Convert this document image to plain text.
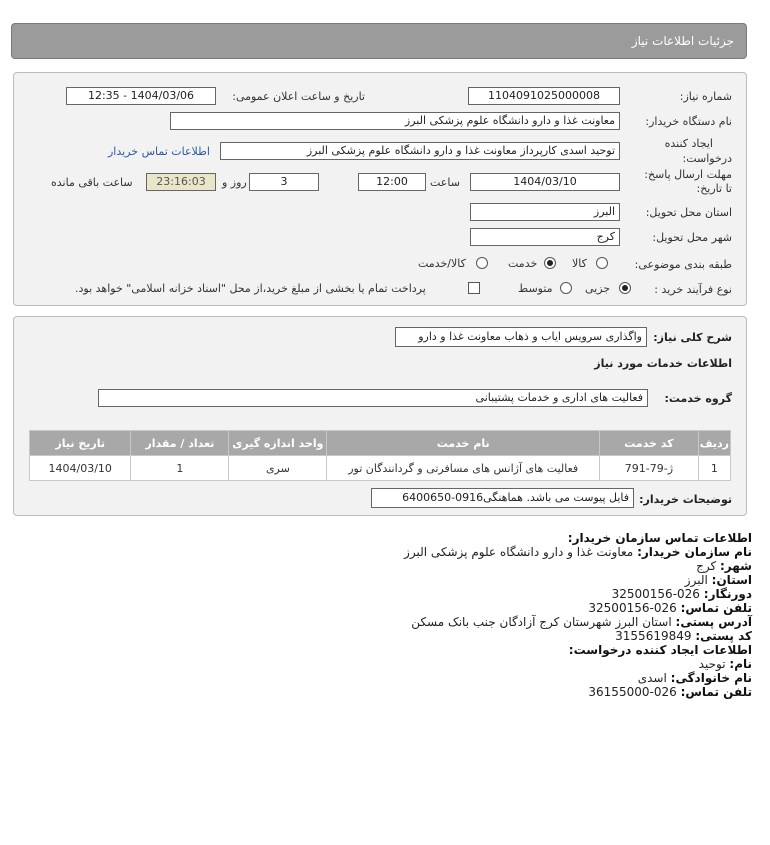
جزئیات اطلاعات نیاز
شماره نیاز:
1104091025000008
تاریخ و ساعت اعلان عمومی:
1404/03/06 - 12:35
نام دستگاه خریدار:
معاونت غذا و دارو دانشگاه علوم پزشکی البرز
ایجاد کننده
درخواست:
توحید اسدی کارپرداز معاونت غذا و دارو دانشگاه علوم پزشکی البرز
اطلاعات تماس خریدار
مهلت ارسال پاسخ:
تا تاریخ:
1404/03/10
ساعت
12:00
3
روز و
23:16:03
ساعت باقی مانده
استان محل تحویل:
البرز
شهر محل تحویل:
کرج
طبقه بندی موضوعی:
کالا
خدمت
کالا/خدمت
نوع فرآیند خرید :
جزیی
متوسط
پرداخت تمام یا بخشی از مبلغ خرید،از محل "اسناد خزانه اسلامی" خواهد بود.
شرح کلی نیاز:
واگذاری سرویس ایاب و ذهاب معاونت غذا و دارو
اطلاعات خدمات مورد نیاز
گروه خدمت:
فعالیت های اداری و خدمات پشتیبانی
ردیف	کد خدمت	نام خدمت	واحد اندازه گیری	تعداد / مقدار	تاریخ نیاز
1	ژ-79-791	فعالیت های آژانس های مسافرتی و گردانندگان تور	سری	1	1404/03/10
توضیحات خریدار:
فایل پیوست می باشد. هماهنگی0916-6400650
اطلاعات تماس سازمان خریدار:
نام سازمان خریدار: معاونت غذا و دارو دانشگاه علوم پزشکی البرز
شهر: کرج
استان: البرز
دورنگار: 026-32500156
تلفن تماس: 026-32500156
آدرس پستی: استان البرز شهرستان کرج آزادگان جنب بانک مسکن
کد پستی: 3155619849
اطلاعات ایجاد کننده درخواست:
نام: توحید
نام خانوادگی: اسدی
تلفن تماس: 026-36155000
